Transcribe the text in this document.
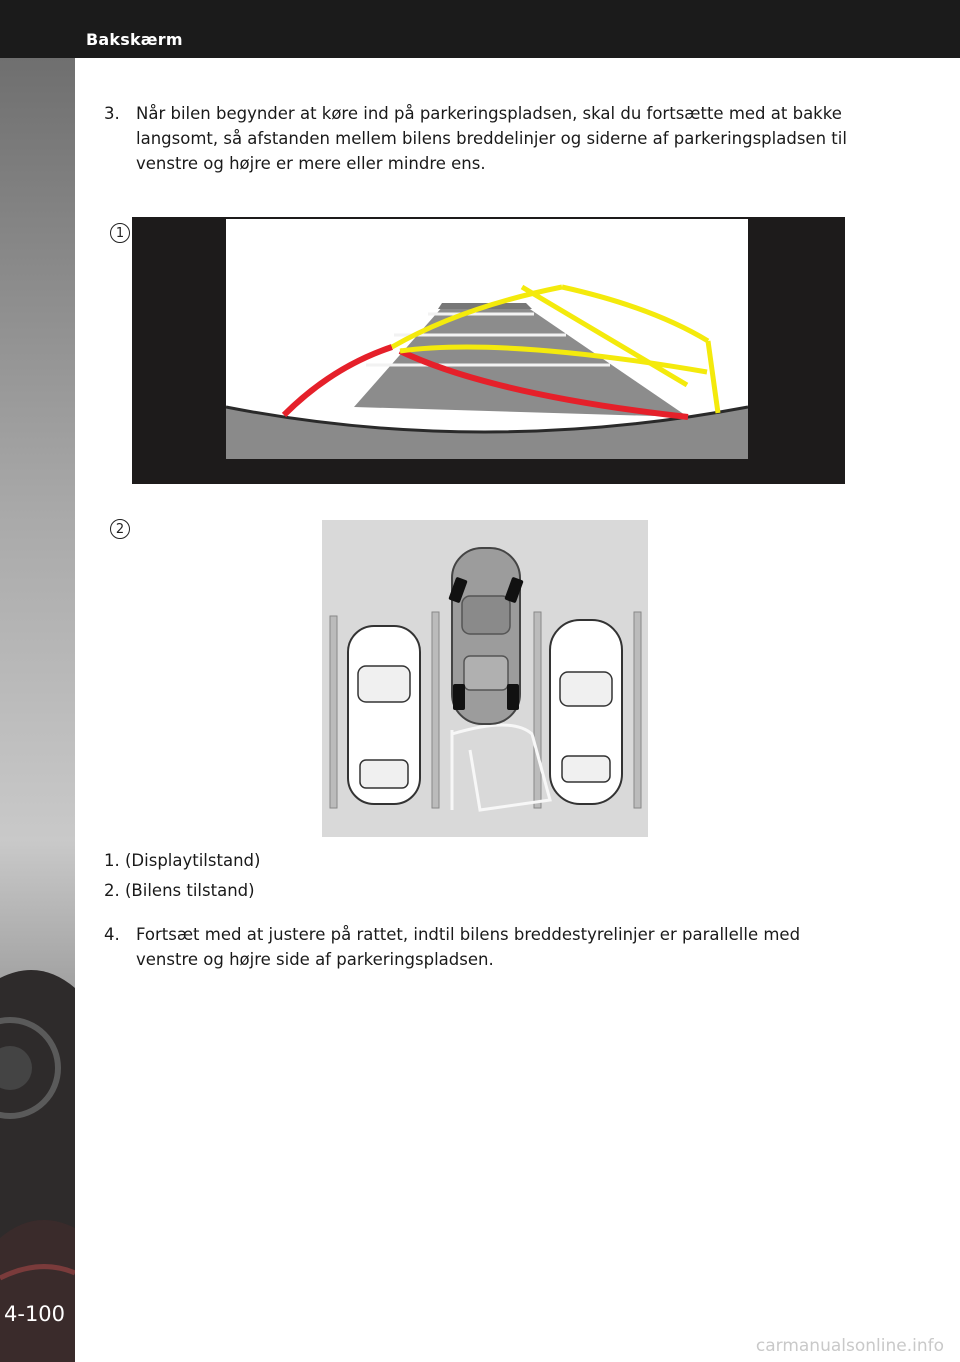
Bakskærm
4-100
3. Når bilen begynder at køre ind på parkeringspladsen, skal du fortsætte med at bakke langsomt, så afstanden mellem bilens breddelinjer og siderne af parkeringspladsen til venstre og højre er mere eller mindre ens.
1
2
1. (Displaytilstand)
2. (Bilens tilstand)
4. Fortsæt med at justere på rattet, indtil bilens breddestyrelinjer er parallelle med venstre og højre side af parkeringspladsen.
carmanualsonline.info
